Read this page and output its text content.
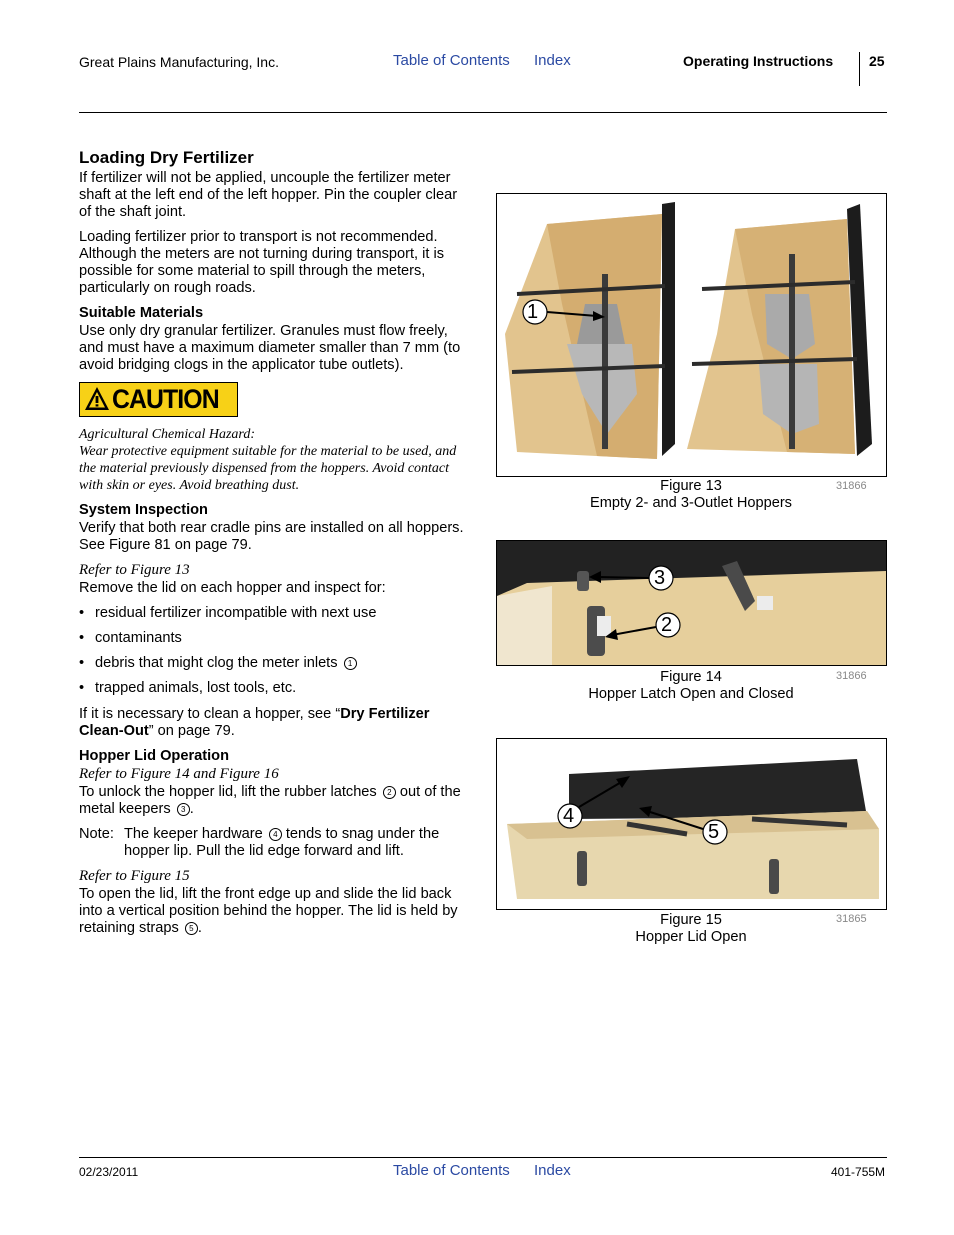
Great Plains Manufacturing, Inc.	Table of Contents Index	Operating Instructions	25
Loading Dry Fertilizer

If fertilizer will not be applied, uncouple the fertilizer meter shaft at the left end of the left hopper. Pin the coupler clear of the shaft joint.

Loading fertilizer prior to transport is not recommended. Although the meters are not turning during transport, it is possible for some material to spill through the meters, particularly on rough roads.

Suitable Materials

Use only dry granular fertilizer. Granules must flow freely, and must have a maximum diameter smaller than 7 mm (to avoid bridging clogs in the applicator tube outlets).

CAUTION
Agricultural Chemical Hazard:
Wear protective equipment suitable for the material to be used, and the material previously dispensed from the hoppers. Avoid contact with skin or eyes. Avoid breathing dust.
System Inspection

Verify that both rear cradle pins are installed on all hoppers. See Figure 81 on page 79.

Refer to Figure 13

Remove the lid on each hopper and inspect for:

• residual fertilizer incompatible with next use
• contaminants
• debris that might clog the meter inlets 1
• trapped animals, lost tools, etc.

If it is necessary to clean a hopper, see “Dry Fertilizer Clean-Out” on page 79.

Hopper Lid Operation
Refer to Figure 14 and Figure 16

To unlock the hopper lid, lift the rubber latches 2 out of the metal keepers 3 .

Note: The keeper hardware 4 tends to snag under the hopper lip. Pull the lid edge forward and lift.
Refer to Figure 15

To open the lid, lift the front edge up and slide the lid back into a vertical position behind the hopper. The lid is held by retaining straps 5 .

1
Figure 13
Empty 2- and 3-Outlet Hoppers
31866
3
2
Figure 14
Hopper Latch Open and Closed
31866
4
5
Figure 15
Hopper Lid Open
31865
02/23/2011	Table of Contents Index	401-755M
